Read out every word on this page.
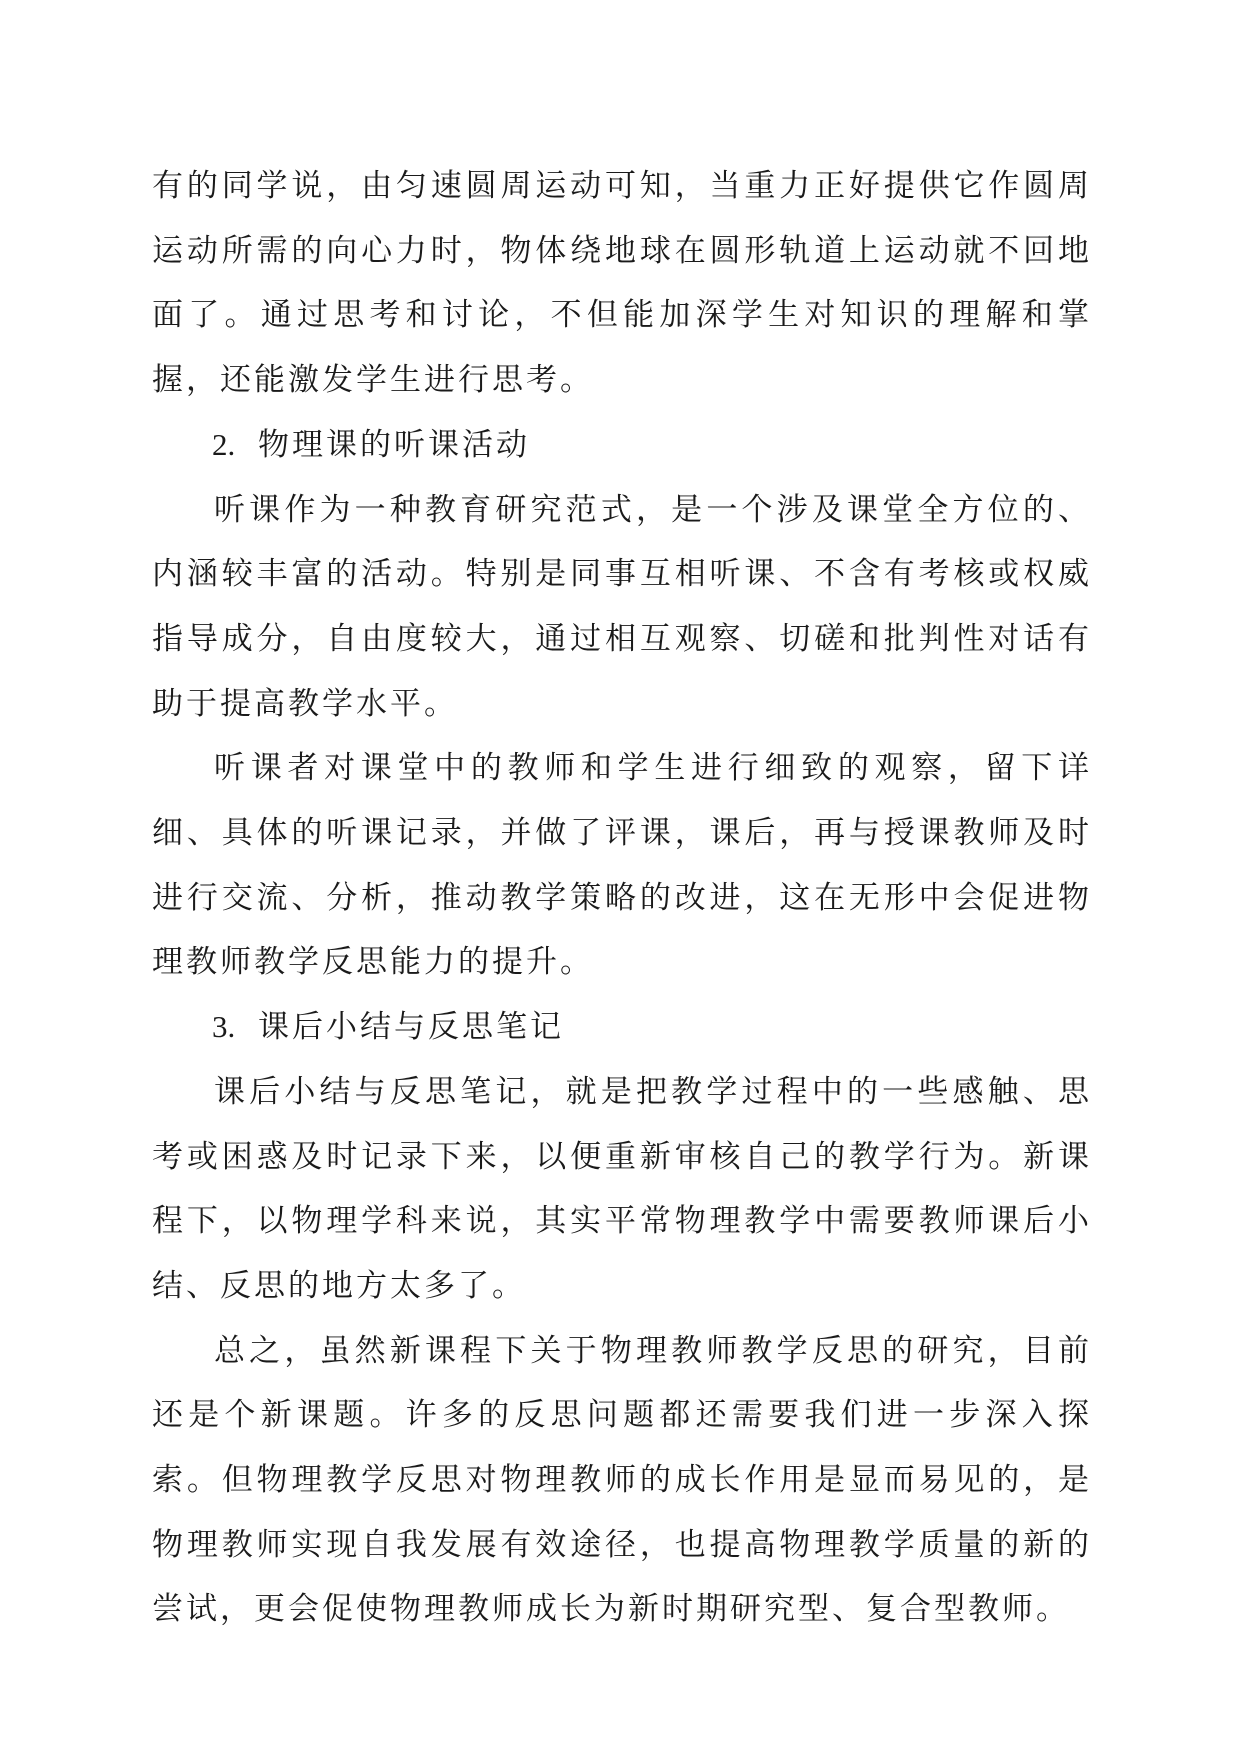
有的同学说，由匀速圆周运动可知，当重力正好提供它作圆周运动所需的向心力时，物体绕地球在圆形轨道上运动就不回地面了。通过思考和讨论，不但能加深学生对知识的理解和掌握，还能激发学生进行思考。

2. 物理课的听课活动

听课作为一种教育研究范式，是一个涉及课堂全方位的、内涵较丰富的活动。特别是同事互相听课、不含有考核或权威指导成分，自由度较大，通过相互观察、切磋和批判性对话有助于提高教学水平。

听课者对课堂中的教师和学生进行细致的观察，留下详细、具体的听课记录，并做了评课，课后，再与授课教师及时进行交流、分析，推动教学策略的改进，这在无形中会促进物理教师教学反思能力的提升。

3. 课后小结与反思笔记

课后小结与反思笔记，就是把教学过程中的一些感触、思考或困惑及时记录下来，以便重新审核自己的教学行为。新课程下，以物理学科来说，其实平常物理教学中需要教师课后小结、反思的地方太多了。

总之，虽然新课程下关于物理教师教学反思的研究，目前还是个新课题。许多的反思问题都还需要我们进一步深入探索。但物理教学反思对物理教师的成长作用是显而易见的，是物理教师实现自我发展有效途径，也提高物理教学质量的新的尝试，更会促使物理教师成长为新时期研究型、复合型教师。
